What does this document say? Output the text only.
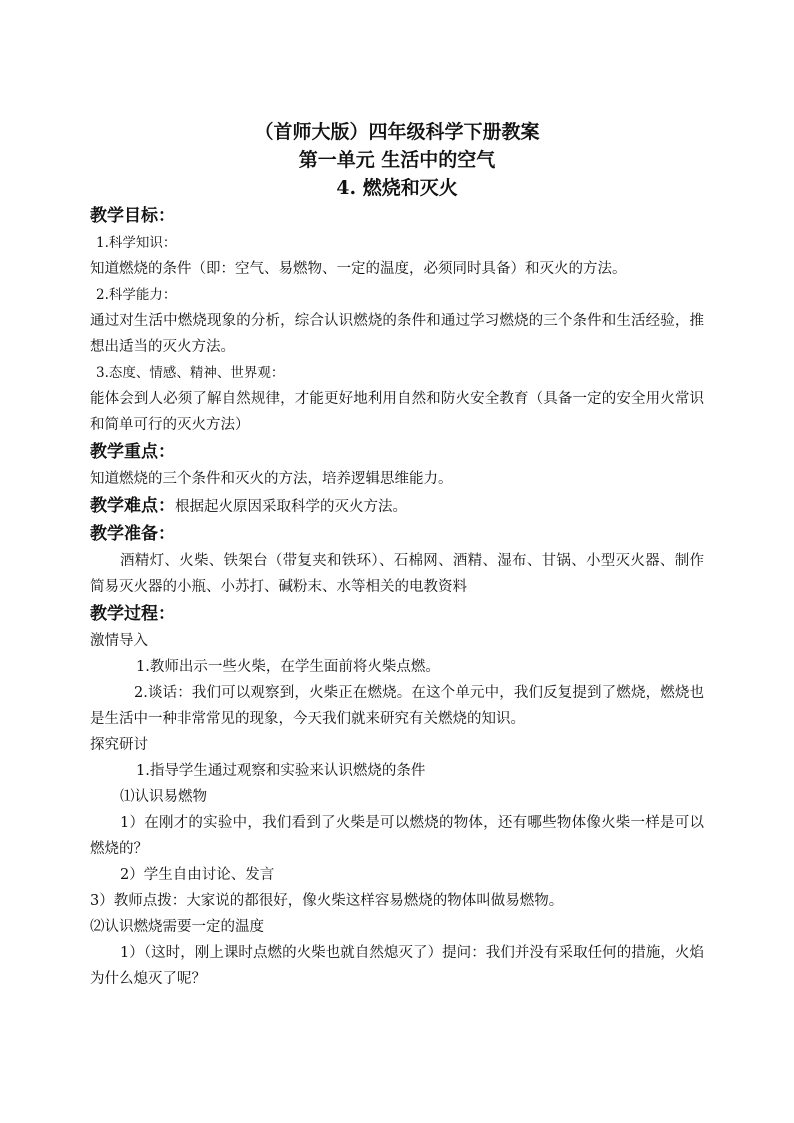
（首师大版）四年级科学下册教案

第一单元 生活中的空气

4. 燃烧和灭火

教学目标：

1.科学知识：

知道燃烧的条件（即：空气、易燃物、一定的温度，必须同时具备）和灭火的方法。

2.科学能力：

通过对生活中燃烧现象的分析，综合认识燃烧的条件和通过学习燃烧的三个条件和生活经验，推想出适当的灭火方法。

3.态度、情感、精神、世界观：

能体会到人必须了解自然规律，才能更好地利用自然和防火安全教育（具备一定的安全用火常识和简单可行的灭火方法）

教学重点：

知道燃烧的三个条件和灭火的方法，培养逻辑思维能力。

教学难点：根据起火原因采取科学的灭火方法。

教学准备：

酒精灯、火柴、铁架台（带复夹和铁环）、石棉网、酒精、湿布、甘锅、小型灭火器、制作简易灭火器的小瓶、小苏打、碱粉末、水等相关的电教资料

教学过程：

激情导入

1.教师出示一些火柴，在学生面前将火柴点燃。

2.谈话：我们可以观察到，火柴正在燃烧。在这个单元中，我们反复提到了燃烧，燃烧也是生活中一种非常常见的现象，今天我们就来研究有关燃烧的知识。

探究研讨

1.指导学生通过观察和实验来认识燃烧的条件

⑴认识易燃物

1）在刚才的实验中，我们看到了火柴是可以燃烧的物体，还有哪些物体像火柴一样是可以燃烧的？

2）学生自由讨论、发言

3）教师点拨：大家说的都很好，像火柴这样容易燃烧的物体叫做易燃物。

⑵认识燃烧需要一定的温度

1）（这时，刚上课时点燃的火柴也就自然熄灭了）提问：我们并没有采取任何的措施，火焰为什么熄灭了呢？
